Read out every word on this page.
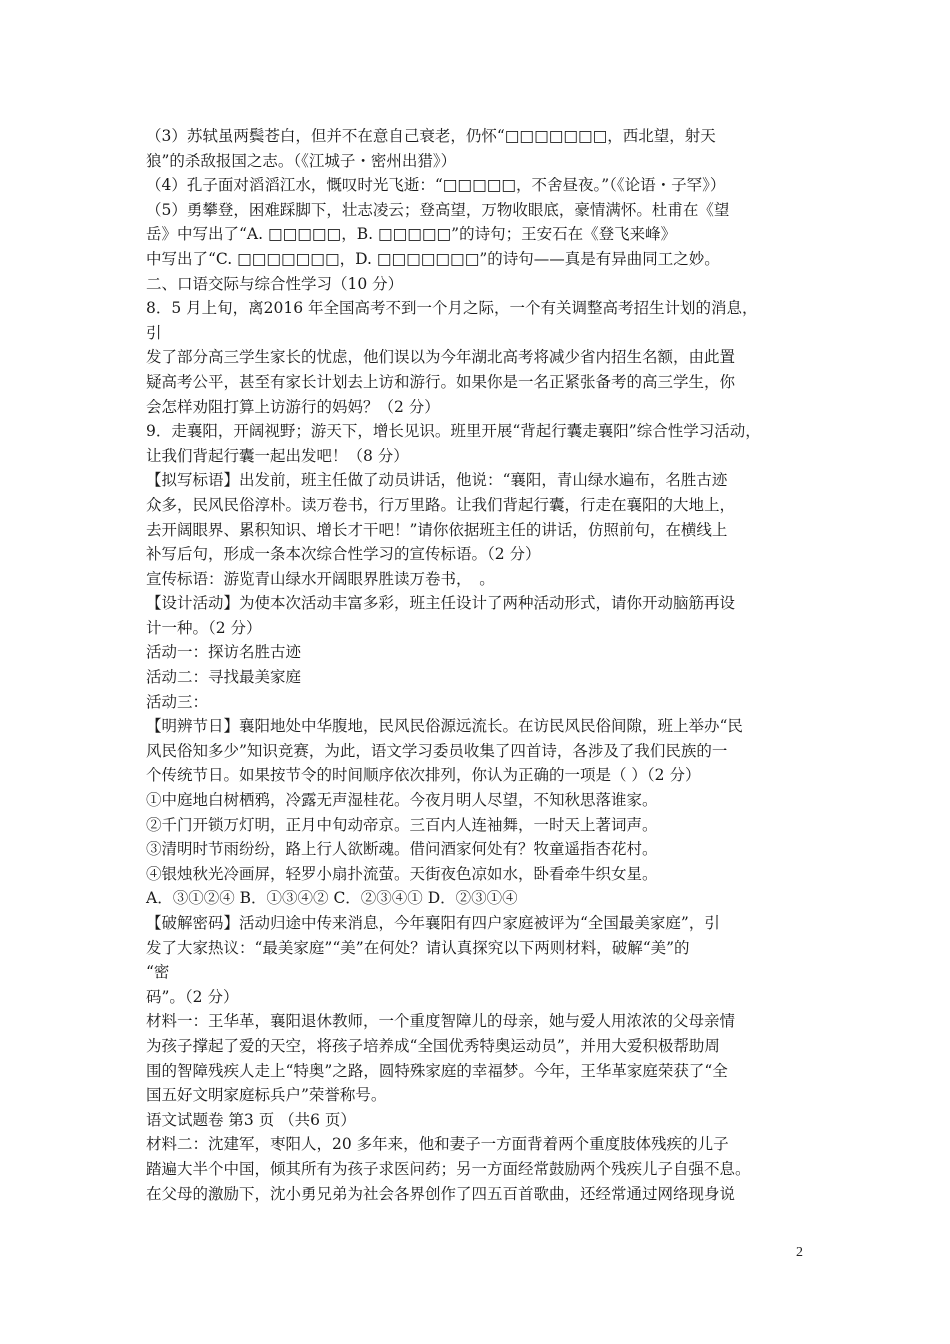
（3）苏轼虽两鬓苍白，但并不在意自己衰老，仍怀“□□□□□□□，西北望，射天
狼”的杀敌报国之志。（《江城子・密州出猎》）
（4）孔子面对滔滔江水，慨叹时光飞逝：“□□□□□，不舍昼夜。”（《论语・子罕》）
（5）勇攀登，困难踩脚下，壮志凌云；登高望，万物收眼底，豪情满怀。杜甫在《望
岳》中写出了“A. □□□□□，B. □□□□□”的诗句；王安石在《登飞来峰》
中写出了“C. □□□□□□□，D. □□□□□□□”的诗句——真是有异曲同工之妙。
二、口语交际与综合性学习（10 分）
8．5 月上旬，离2016 年全国高考不到一个月之际，一个有关调整高考招生计划的消息，
引
发了部分高三学生家长的忧虑，他们误以为今年湖北高考将减少省内招生名额，由此置
疑高考公平，甚至有家长计划去上访和游行。如果你是一名正紧张备考的高三学生，你
会怎样劝阻打算上访游行的妈妈？（2 分）
9．走襄阳，开阔视野；游天下，增长见识。班里开展“背起行囊走襄阳”综合性学习活动，
让我们背起行囊一起出发吧！（8 分）
【拟写标语】出发前，班主任做了动员讲话，他说：“襄阳，青山绿水遍布，名胜古迹
众多，民风民俗淳朴。读万卷书，行万里路。让我们背起行囊，行走在襄阳的大地上，
去开阔眼界、累积知识、增长才干吧！”请你依据班主任的讲话，仿照前句，在横线上
补写后句，形成一条本次综合性学习的宣传标语。（2 分）
宣传标语：游览青山绿水开阔眼界胜读万卷书，　。
【设计活动】为使本次活动丰富多彩，班主任设计了两种活动形式，请你开动脑筋再设
计一种。（2 分）
活动一：探访名胜古迹
活动二：寻找最美家庭
活动三：
【明辨节日】襄阳地处中华腹地，民风民俗源远流长。在访民风民俗间隙，班上举办“民
风民俗知多少”知识竞赛，为此，语文学习委员收集了四首诗，各涉及了我们民族的一
个传统节日。如果按节令的时间顺序依次排列，你认为正确的一项是（ ）（2 分）
①中庭地白树栖鸦，冷露无声湿桂花。今夜月明人尽望，不知秋思落谁家。
②千门开锁万灯明，正月中旬动帝京。三百内人连袖舞，一时天上著词声。
③清明时节雨纷纷，路上行人欲断魂。借问酒家何处有？牧童遥指杏花村。
④银烛秋光冷画屏，轻罗小扇扑流萤。天街夜色凉如水，卧看牵牛织女星。
A．③①②④ B．①③④② C．②③④① D．②③①④
【破解密码】活动归途中传来消息，今年襄阳有四户家庭被评为“全国最美家庭”，引
发了大家热议：“最美家庭”“美”在何处？请认真探究以下两则材料，破解“美”的
“密
码”。（2 分）
材料一：王华革，襄阳退休教师，一个重度智障儿的母亲，她与爱人用浓浓的父母亲情
为孩子撑起了爱的天空，将孩子培养成“全国优秀特奥运动员”，并用大爱积极帮助周
围的智障残疾人走上“特奥”之路，圆特殊家庭的幸福梦。今年，王华革家庭荣获了“全
国五好文明家庭标兵户”荣誉称号。
语文试题卷 第3 页 （共6 页）
材料二：沈建军，枣阳人，20 多年来，他和妻子一方面背着两个重度肢体残疾的儿子
踏遍大半个中国，倾其所有为孩子求医问药；另一方面经常鼓励两个残疾儿子自强不息。
在父母的激励下，沈小勇兄弟为社会各界创作了四五百首歌曲，还经常通过网络现身说
2
